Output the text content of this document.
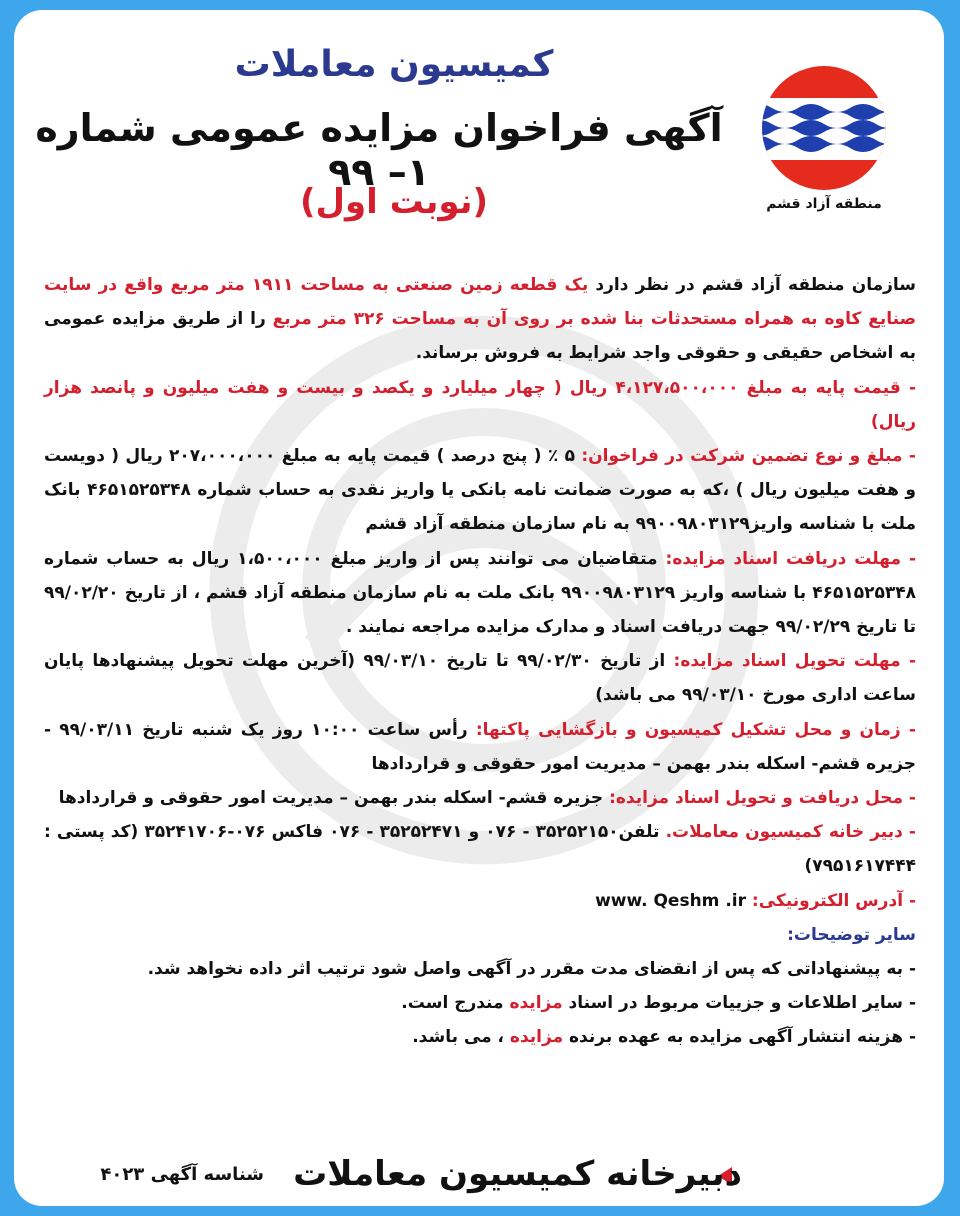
منطقه آزاد قشم
کمیسیون معاملات
آگهی فراخوان مزایده عمومی شماره ۱– ۹۹
(نوبت اول)

سازمان منطقه آزاد قشم در نظر دارد یک قطعه زمین صنعتی به مساحت ۱۹۱۱ متر مربع واقع در سایت صنایع کاوه به همراه مستحدثات بنا شده بر روی آن به مساحت ۳۲۶ متر مربع را از طریق مزایده عمومی به اشخاص حقیقی و حقوقی واجد شرایط به فروش برساند.

- قیمت پایه به مبلغ ۴،۱۲۷،۵۰۰،۰۰۰ ریال ( چهار میلیارد و یکصد و بیست و هفت میلیون و پانصد هزار ریال)

- مبلغ و نوع تضمین شرکت در فراخوان: ۵ ٪ ( پنج درصد ) قیمت پایه به مبلغ ۲۰۷،۰۰۰،۰۰۰ ریال ( دویست و هفت میلیون ریال ) ،که به صورت ضمانت نامه بانکی یا واریز نقدی به حساب شماره ۴۶۵۱۵۲۵۳۴۸ بانک ملت با شناسه واریز۹۹۰۰۹۸۰۳۱۲۹ به نام سازمان منطقه آزاد قشم

- مهلت دریافت اسناد مزایده: متقاضیان می توانند پس از واریز مبلغ ۱،۵۰۰،۰۰۰ ریال به حساب شماره ۴۶۵۱۵۲۵۳۴۸ با شناسه واریز ۹۹۰۰۹۸۰۳۱۲۹ بانک ملت به نام سازمان منطقه آزاد قشم ، از تاریخ ۹۹/۰۲/۲۰ تا تاریخ ۹۹/۰۲/۲۹ جهت دریافت اسناد و مدارک مزایده مراجعه نمایند .

- مهلت تحویل اسناد مزایده: از تاریخ ۹۹/۰۲/۳۰ تا تاریخ ۹۹/۰۳/۱۰ (آخرین مهلت تحویل پیشنهادها پایان ساعت اداری مورخ ۹۹/۰۳/۱۰ می باشد)

- زمان و محل تشکیل کمیسیون و بازگشایی پاکتها: رأس ساعت ۱۰:۰۰ روز یک شنبه تاریخ ۹۹/۰۳/۱۱ - جزیره قشم- اسکله بندر بهمن – مدیریت امور حقوقی و قراردادها

- محل دریافت و تحویل اسناد مزایده: جزیره قشم- اسکله بندر بهمن – مدیریت امور حقوقی و قراردادها

- دبیر خانه کمیسیون معاملات. تلفن۳۵۲۵۲۱۵۰ - ۰۷۶ و ۳۵۲۵۲۴۷۱ - ۰۷۶ فاکس ۰۷۶-۳۵۲۴۱۷۰۶ (کد پستی : ۷۹۵۱۶۱۷۴۴۴)

- آدرس الکترونیکی: www. Qeshm .ir

سایر توضیحات:

- به پیشنهاداتی که پس از انقضای مدت مقرر در آگهی واصل شود ترتیب اثر داده نخواهد شد.

- سایر اطلاعات و جزییات مربوط در اسناد مزایده مندرج است.

- هزینه انتشار آگهی مزایده به عهده برنده مزایده ، می باشد.

دبیرخانه کمیسیون معاملات
شناسه آگهی ۴۰۲۳
